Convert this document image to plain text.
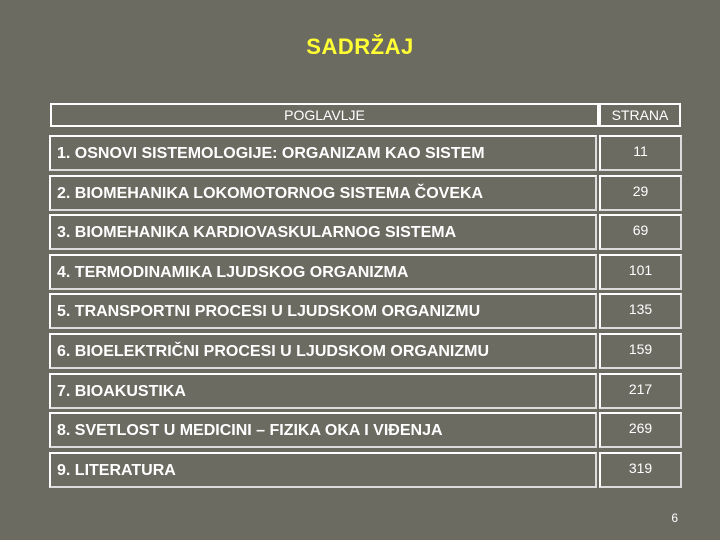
SADRŽAJ
POGLAVLJE	STRANA
1. OSNOVI SISTEMOLOGIJE: ORGANIZAM KAO SISTEM	11
2. BIOMEHANIKA LOKOMOTORNOG SISTEMA ČOVEKA	29
3. BIOMEHANIKA KARDIOVASKULARNOG SISTEMA	69
4. TERMODINAMIKA LJUDSKOG ORGANIZMA	101
5. TRANSPORTNI PROCESI U LJUDSKOM ORGANIZMU	135
6. BIOELEKTRIČNI PROCESI U LJUDSKOM ORGANIZMU	159
7. BIOAKUSTIKA	217
8. SVETLOST U MEDICINI – FIZIKA OKA I VIĐENJA	269
9. LITERATURA	319
6
